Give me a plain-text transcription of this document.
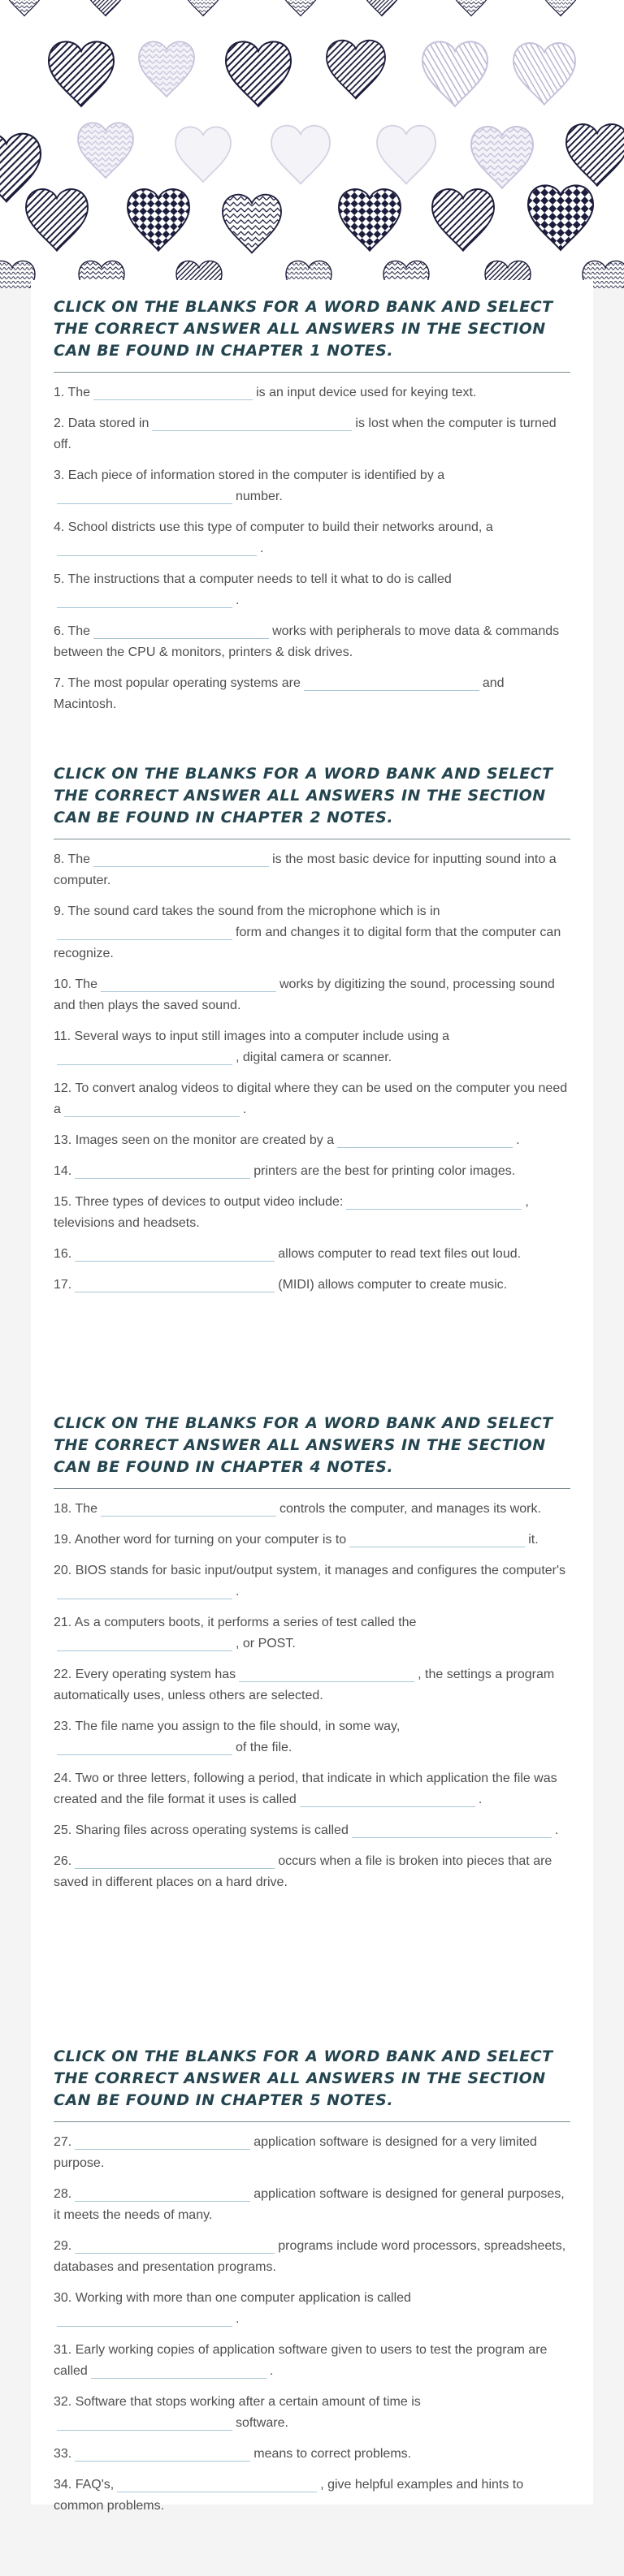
CLICK ON THE BLANKS FOR A WORD BANK AND SELECT THE CORRECT ANSWER ALL ANSWERS IN THE SECTION CAN BE FOUND IN CHAPTER 1 NOTES.
1. The	is an input device used for keying text.
2. Data stored in	is lost when the computer is turned off.
3. Each piece of information stored in the computer is identified by anumber.
4. School districts use this type of computer to build their networks around, a.
5. The instructions that a computer needs to tell it what to do is called.
6. The	works with peripherals to move data & commands between the CPU & monitors, printers & disk drives.
7. The most popular operating systems are	and Macintosh.
CLICK ON THE BLANKS FOR A WORD BANK AND SELECT THE CORRECT ANSWER ALL ANSWERS IN THE SECTION CAN BE FOUND IN CHAPTER 2 NOTES.
8. The	is the most basic device for inputting sound into a computer.
9. The sound card takes the sound from the microphone which is inform and changes it to digital form that the computer can recognize.
10. The	works by digitizing the sound, processing sound and then plays the saved sound.
11. Several ways to input still images into a computer include using a, digital camera or scanner.
12. To convert analog videos to digital where they can be used on the computer you need a	.
13. Images seen on the monitor are created by a	.
14.	printers are the best for printing color images.
15. Three types of devices to output video include:	, televisions and headsets.
16.	allows computer to read text files out loud.
17.	(MIDI) allows computer to create music.
CLICK ON THE BLANKS FOR A WORD BANK AND SELECT THE CORRECT ANSWER ALL ANSWERS IN THE SECTION CAN BE FOUND IN CHAPTER 4 NOTES.
18. The	controls the computer, and manages its work.
19. Another word for turning on your computer is to	it.
20. BIOS stands for basic input/output system, it manages and configures the computer's.
21. As a computers boots, it performs a series of test called the, or POST.
22. Every operating system has	, the settings a program automatically uses, unless others are selected.
23. The file name you assign to the file should, in some way,of the file.
24. Two or three letters, following a period, that indicate in which application the file was created and the file format it uses is called	.
25. Sharing files across operating systems is called	.
26.	occurs when a file is broken into pieces that are saved in different places on a hard drive.
CLICK ON THE BLANKS FOR A WORD BANK AND SELECT THE CORRECT ANSWER ALL ANSWERS IN THE SECTION CAN BE FOUND IN CHAPTER 5 NOTES.
27.	application software is designed for a very limited purpose.
28.	application software is designed for general purposes, it meets the needs of many.
29.	programs include word processors, spreadsheets, databases and presentation programs.
30. Working with more than one computer application is called.
31. Early working copies of application software given to users to test the program are called	.
32. Software that stops working after a certain amount of time issoftware.
33.	means to correct problems.
34. FAQ's,	, give helpful examples and hints to common problems.
